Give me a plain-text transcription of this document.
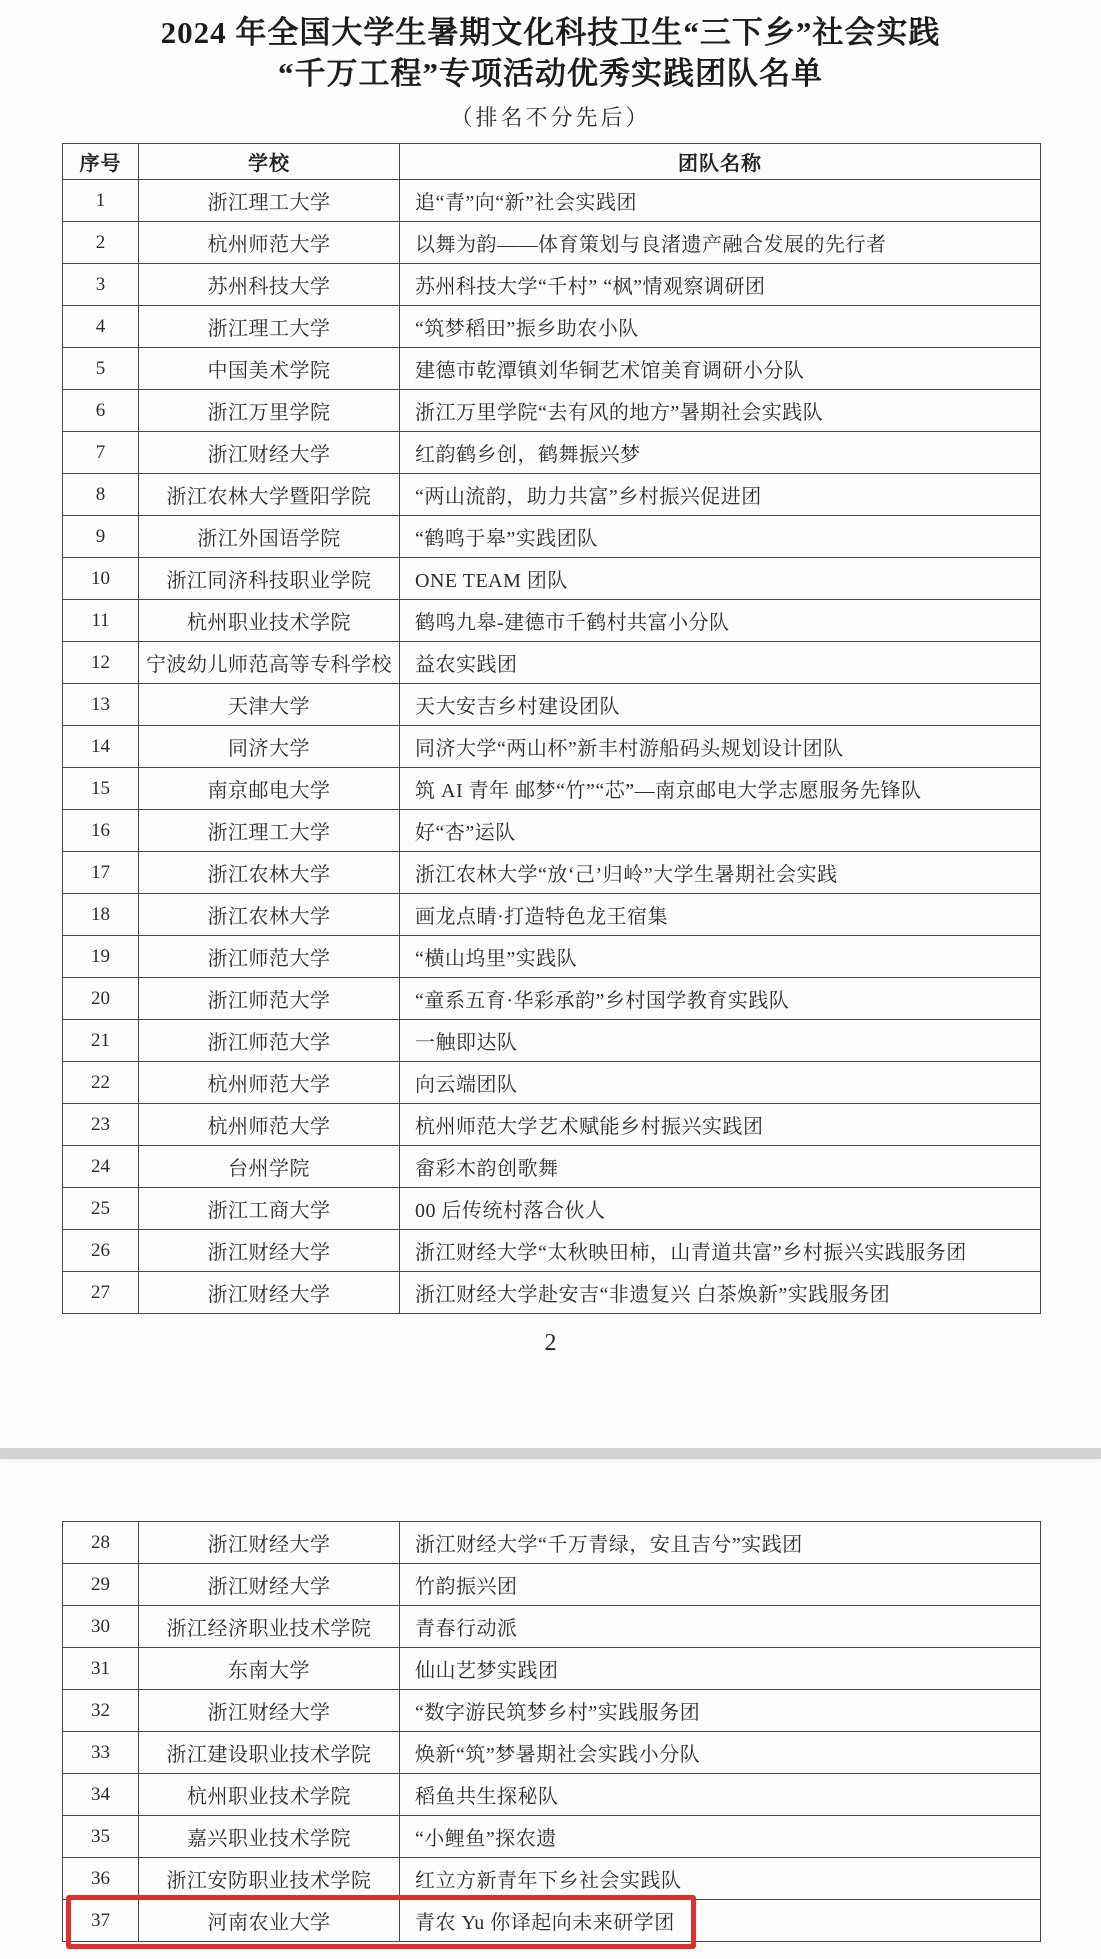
2024 年全国大学生暑期文化科技卫生“三下乡”社会实践
“千万工程”专项活动优秀实践团队名单
（排名不分先后）
序号	学校	团队名称
1	浙江理工大学	追“青”向“新”社会实践团
2	杭州师范大学	以舞为韵——体育策划与良渚遗产融合发展的先行者
3	苏州科技大学	苏州科技大学“千村” “枫”情观察调研团
4	浙江理工大学	“筑梦稻田”振乡助农小队
5	中国美术学院	建德市乾潭镇刘华铜艺术馆美育调研小分队
6	浙江万里学院	浙江万里学院“去有风的地方”暑期社会实践队
7	浙江财经大学	红韵鹤乡创，鹤舞振兴梦
8	浙江农林大学暨阳学院	“两山流韵，助力共富”乡村振兴促进团
9	浙江外国语学院	“鹤鸣于皋”实践团队
10	浙江同济科技职业学院	ONE TEAM 团队
11	杭州职业技术学院	鹤鸣九皋-建德市千鹤村共富小分队
12	宁波幼儿师范高等专科学校	益农实践团
13	天津大学	天大安吉乡村建设团队
14	同济大学	同济大学“两山杯”新丰村游船码头规划设计团队
15	南京邮电大学	筑 AI 青年 邮梦“竹”“芯”—南京邮电大学志愿服务先锋队
16	浙江理工大学	好“杏”运队
17	浙江农林大学	浙江农林大学“放‘己’归岭”大学生暑期社会实践
18	浙江农林大学	画龙点睛·打造特色龙王宿集
19	浙江师范大学	“横山坞里”实践队
20	浙江师范大学	“童系五育·华彩承韵”乡村国学教育实践队
21	浙江师范大学	一触即达队
22	杭州师范大学	向云端团队
23	杭州师范大学	杭州师范大学艺术赋能乡村振兴实践团
24	台州学院	畲彩木韵创歌舞
25	浙江工商大学	00 后传统村落合伙人
26	浙江财经大学	浙江财经大学“太秋映田柿，山青道共富”乡村振兴实践服务团
27	浙江财经大学	浙江财经大学赴安吉“非遗复兴 白茶焕新”实践服务团
2
28	浙江财经大学	浙江财经大学“千万青绿，安且吉兮”实践团
29	浙江财经大学	竹韵振兴团
30	浙江经济职业技术学院	青春行动派
31	东南大学	仙山艺梦实践团
32	浙江财经大学	“数字游民筑梦乡村”实践服务团
33	浙江建设职业技术学院	焕新“筑”梦暑期社会实践小分队
34	杭州职业技术学院	稻鱼共生探秘队
35	嘉兴职业技术学院	“小鲤鱼”探农遗
36	浙江安防职业技术学院	红立方新青年下乡社会实践队
37	河南农业大学	青农 Yu 你译起向未来研学团
